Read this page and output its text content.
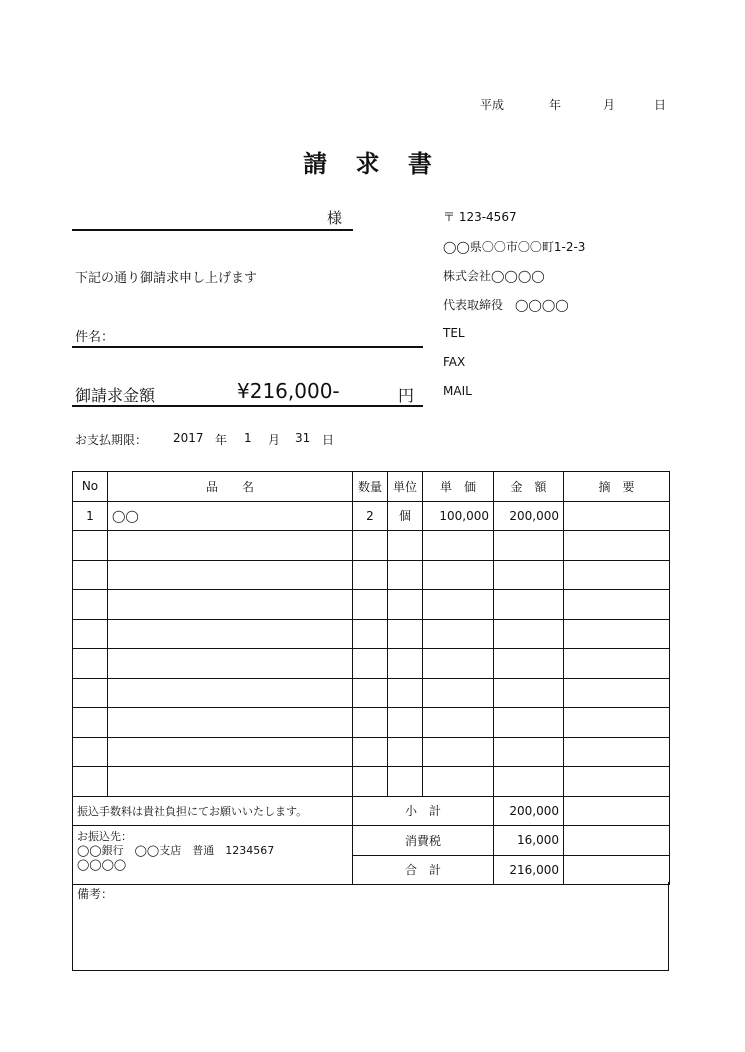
平成	年	月	日
請 求 書
様
下記の通り御請求申し上げます
件名：
御請求金額	¥216,000-	円
お支払期限： 2017 年 1 月 31 日
〒 123-4567
◯◯県〇〇市〇〇町1-2-3
株式会社◯◯◯◯
代表取締役　◯◯◯◯
TEL
FAX
MAIL
No	品　　名	数量	単位	単　価	金　額	摘　要
1	◯◯	2	個	100,000	200,000	

振込手数料は貴社負担にてお願いいたします。		小　計			200,000	

お振込先：
◯◯銀行　◯◯支店　普通　1234567
◯◯◯◯		消費税			16,000	
		合　計			216,000	
備考：
